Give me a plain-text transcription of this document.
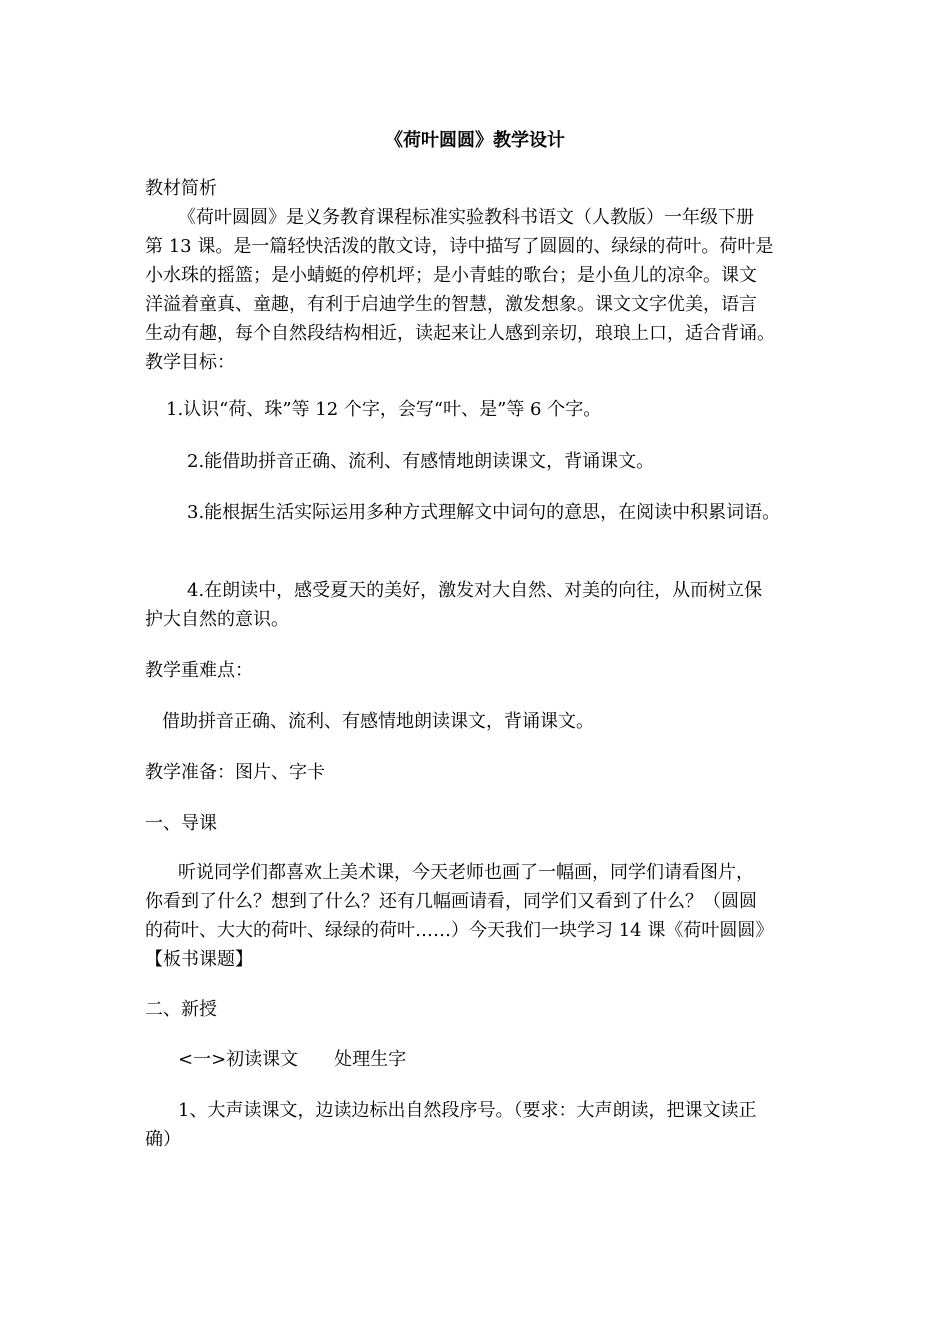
《荷叶圆圆》教学设计
教材简析
《荷叶圆圆》是义务教育课程标准实验教科书语文（人教版）一年级下册
第 13 课。是一篇轻快活泼的散文诗，诗中描写了圆圆的、绿绿的荷叶。荷叶是
小水珠的摇篮；是小蜻蜓的停机坪；是小青蛙的歌台；是小鱼儿的凉伞。课文
洋溢着童真、童趣，有利于启迪学生的智慧，激发想象。课文文字优美，语言
生动有趣，每个自然段结构相近，读起来让人感到亲切，琅琅上口，适合背诵。
教学目标：
1.认识“荷、珠”等 12 个字，会写“叶、是”等 6 个字。
2.能借助拼音正确、流利、有感情地朗读课文，背诵课文。
3.能根据生活实际运用多种方式理解文中词句的意思，在阅读中积累词语。
4.在朗读中，感受夏天的美好，激发对大自然、对美的向往，从而树立保
护大自然的意识。
教学重难点：
借助拼音正确、流利、有感情地朗读课文，背诵课文。
教学准备：图片、字卡
一、导课
听说同学们都喜欢上美术课，今天老师也画了一幅画，同学们请看图片，
你看到了什么？想到了什么？还有几幅画请看，同学们又看到了什么？（圆圆
的荷叶、大大的荷叶、绿绿的荷叶……）今天我们一块学习 14 课《荷叶圆圆》
【板书课题】
二、新授
<一>初读课文　　处理生字
1、大声读课文，边读边标出自然段序号。（要求：大声朗读，把课文读正
确）
